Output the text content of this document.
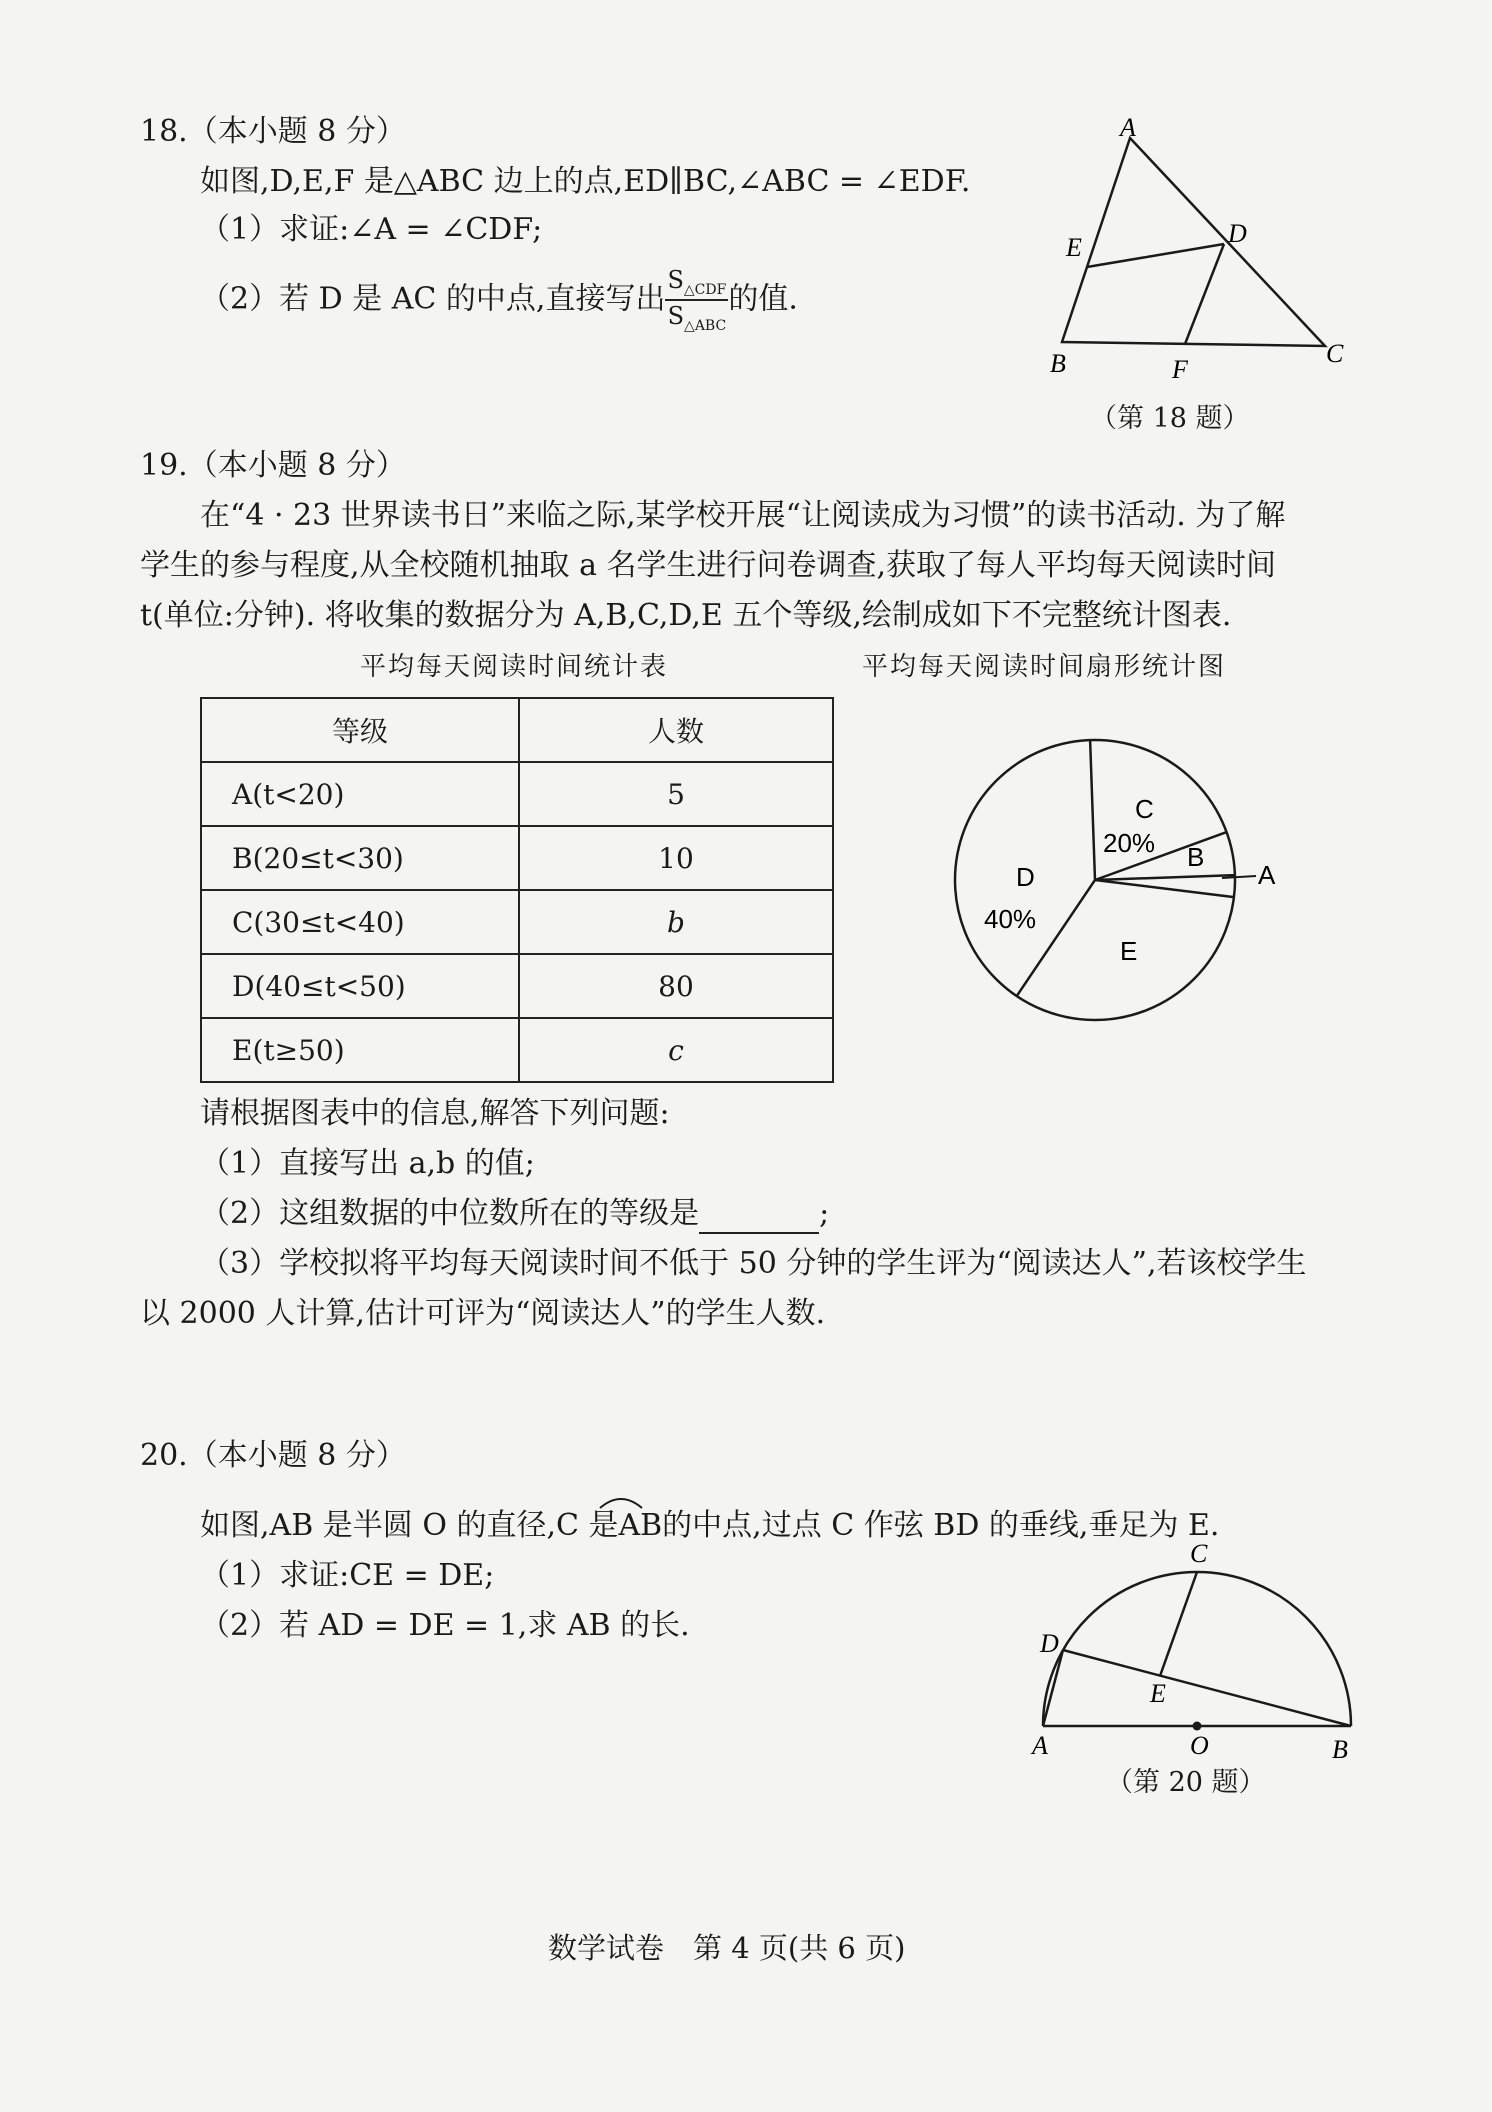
18.（本小题 8 分）
如图,D,E,F 是△ABC 边上的点,ED∥BC,∠ABC = ∠EDF.
（1）求证:∠A = ∠CDF;
（2）若 D 是 AC 的中点,直接写出 $\frac{S_{\triangle CDF}}{S_{\triangle ABC}}$ 的值.
A
B	C
D
E
F
（第 18 题）
19.（本小题 8 分）
在“4 · 23 世界读书日”来临之际,某学校开展“让阅读成为习惯”的读书活动. 为了解
学生的参与程度,从全校随机抽取 a 名学生进行问卷调查,获取了每人平均每天阅读时间
t(单位:分钟). 将收集的数据分为 A,B,C,D,E 五个等级,绘制成如下不完整统计图表.
平均每天阅读时间统计表	平均每天阅读时间扇形统计图
等级	人数
A(t<20)	5
B(20≤t<30)	10
C(30≤t<40)	b
D(40≤t<50)	80
E(t≥50)	c
C
20% B
A
D
40%
E
请根据图表中的信息,解答下列问题:
（1）直接写出 a,b 的值;
（2）这组数据的中位数所在的等级是	;
（3）学校拟将平均每天阅读时间不低于 50 分钟的学生评为“阅读达人”,若该校学生
以 2000 人计算,估计可评为“阅读达人”的学生人数.
20.（本小题 8 分）
如图,AB 是半圆 O 的直径,C 是AB的中点,过点 C 作弦 BD 的垂线,垂足为 E.
（1）求证:CE = DE;
（2）若 AD = DE = 1,求 AB 的长.
C
D
E
A	O	B
（第 20 题）
数学试卷　第 4 页(共 6 页)
